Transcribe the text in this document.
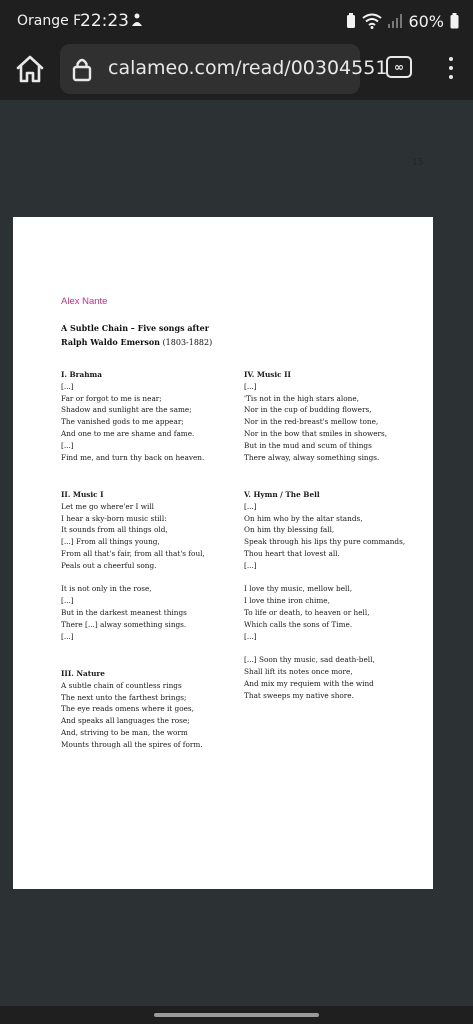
Orange F
22:23	60%
calameo.com/read/00304551 ∞
15
Alex Nante
A Subtle Chain – Five songs after
Ralph Waldo Emerson (1803-1882)
I. Brahma
[...]
Far or forgot to me is near;
Shadow and sunlight are the same;
The vanished gods to me appear;
And one to me are shame and fame.
[...]
Find me, and turn thy back on heaven.
II. Music I
Let me go where'er I will
I hear a sky-born music still:
It sounds from all things old,
[...] From all things young,
From all that's fair, from all that's foul,
Peals out a cheerful song.
It is not only in the rose,
[...]
But in the darkest meanest things
There [...] alway something sings.
[...]
III. Nature
A subtle chain of countless rings
The next unto the farthest brings;
The eye reads omens where it goes,
And speaks all languages the rose;
And, striving to be man, the worm
Mounts through all the spires of form.
IV. Music II
[...]
'Tis not in the high stars alone,
Nor in the cup of budding flowers,
Nor in the red-breast's mellow tone,
Nor in the bow that smiles in showers,
But in the mud and scum of things
There alway, alway something sings.
V. Hymn / The Bell
[...]
On him who by the altar stands,
On him thy blessing fall,
Speak through his lips thy pure commands,
Thou heart that lovest all.
[...]
I love thy music, mellow bell,
I love thine iron chime,
To life or death, to heaven or hell,
Which calls the sons of Time.
[...]
[...] Soon thy music, sad death-bell,
Shall lift its notes once more,
And mix my requiem with the wind
That sweeps my native shore.
